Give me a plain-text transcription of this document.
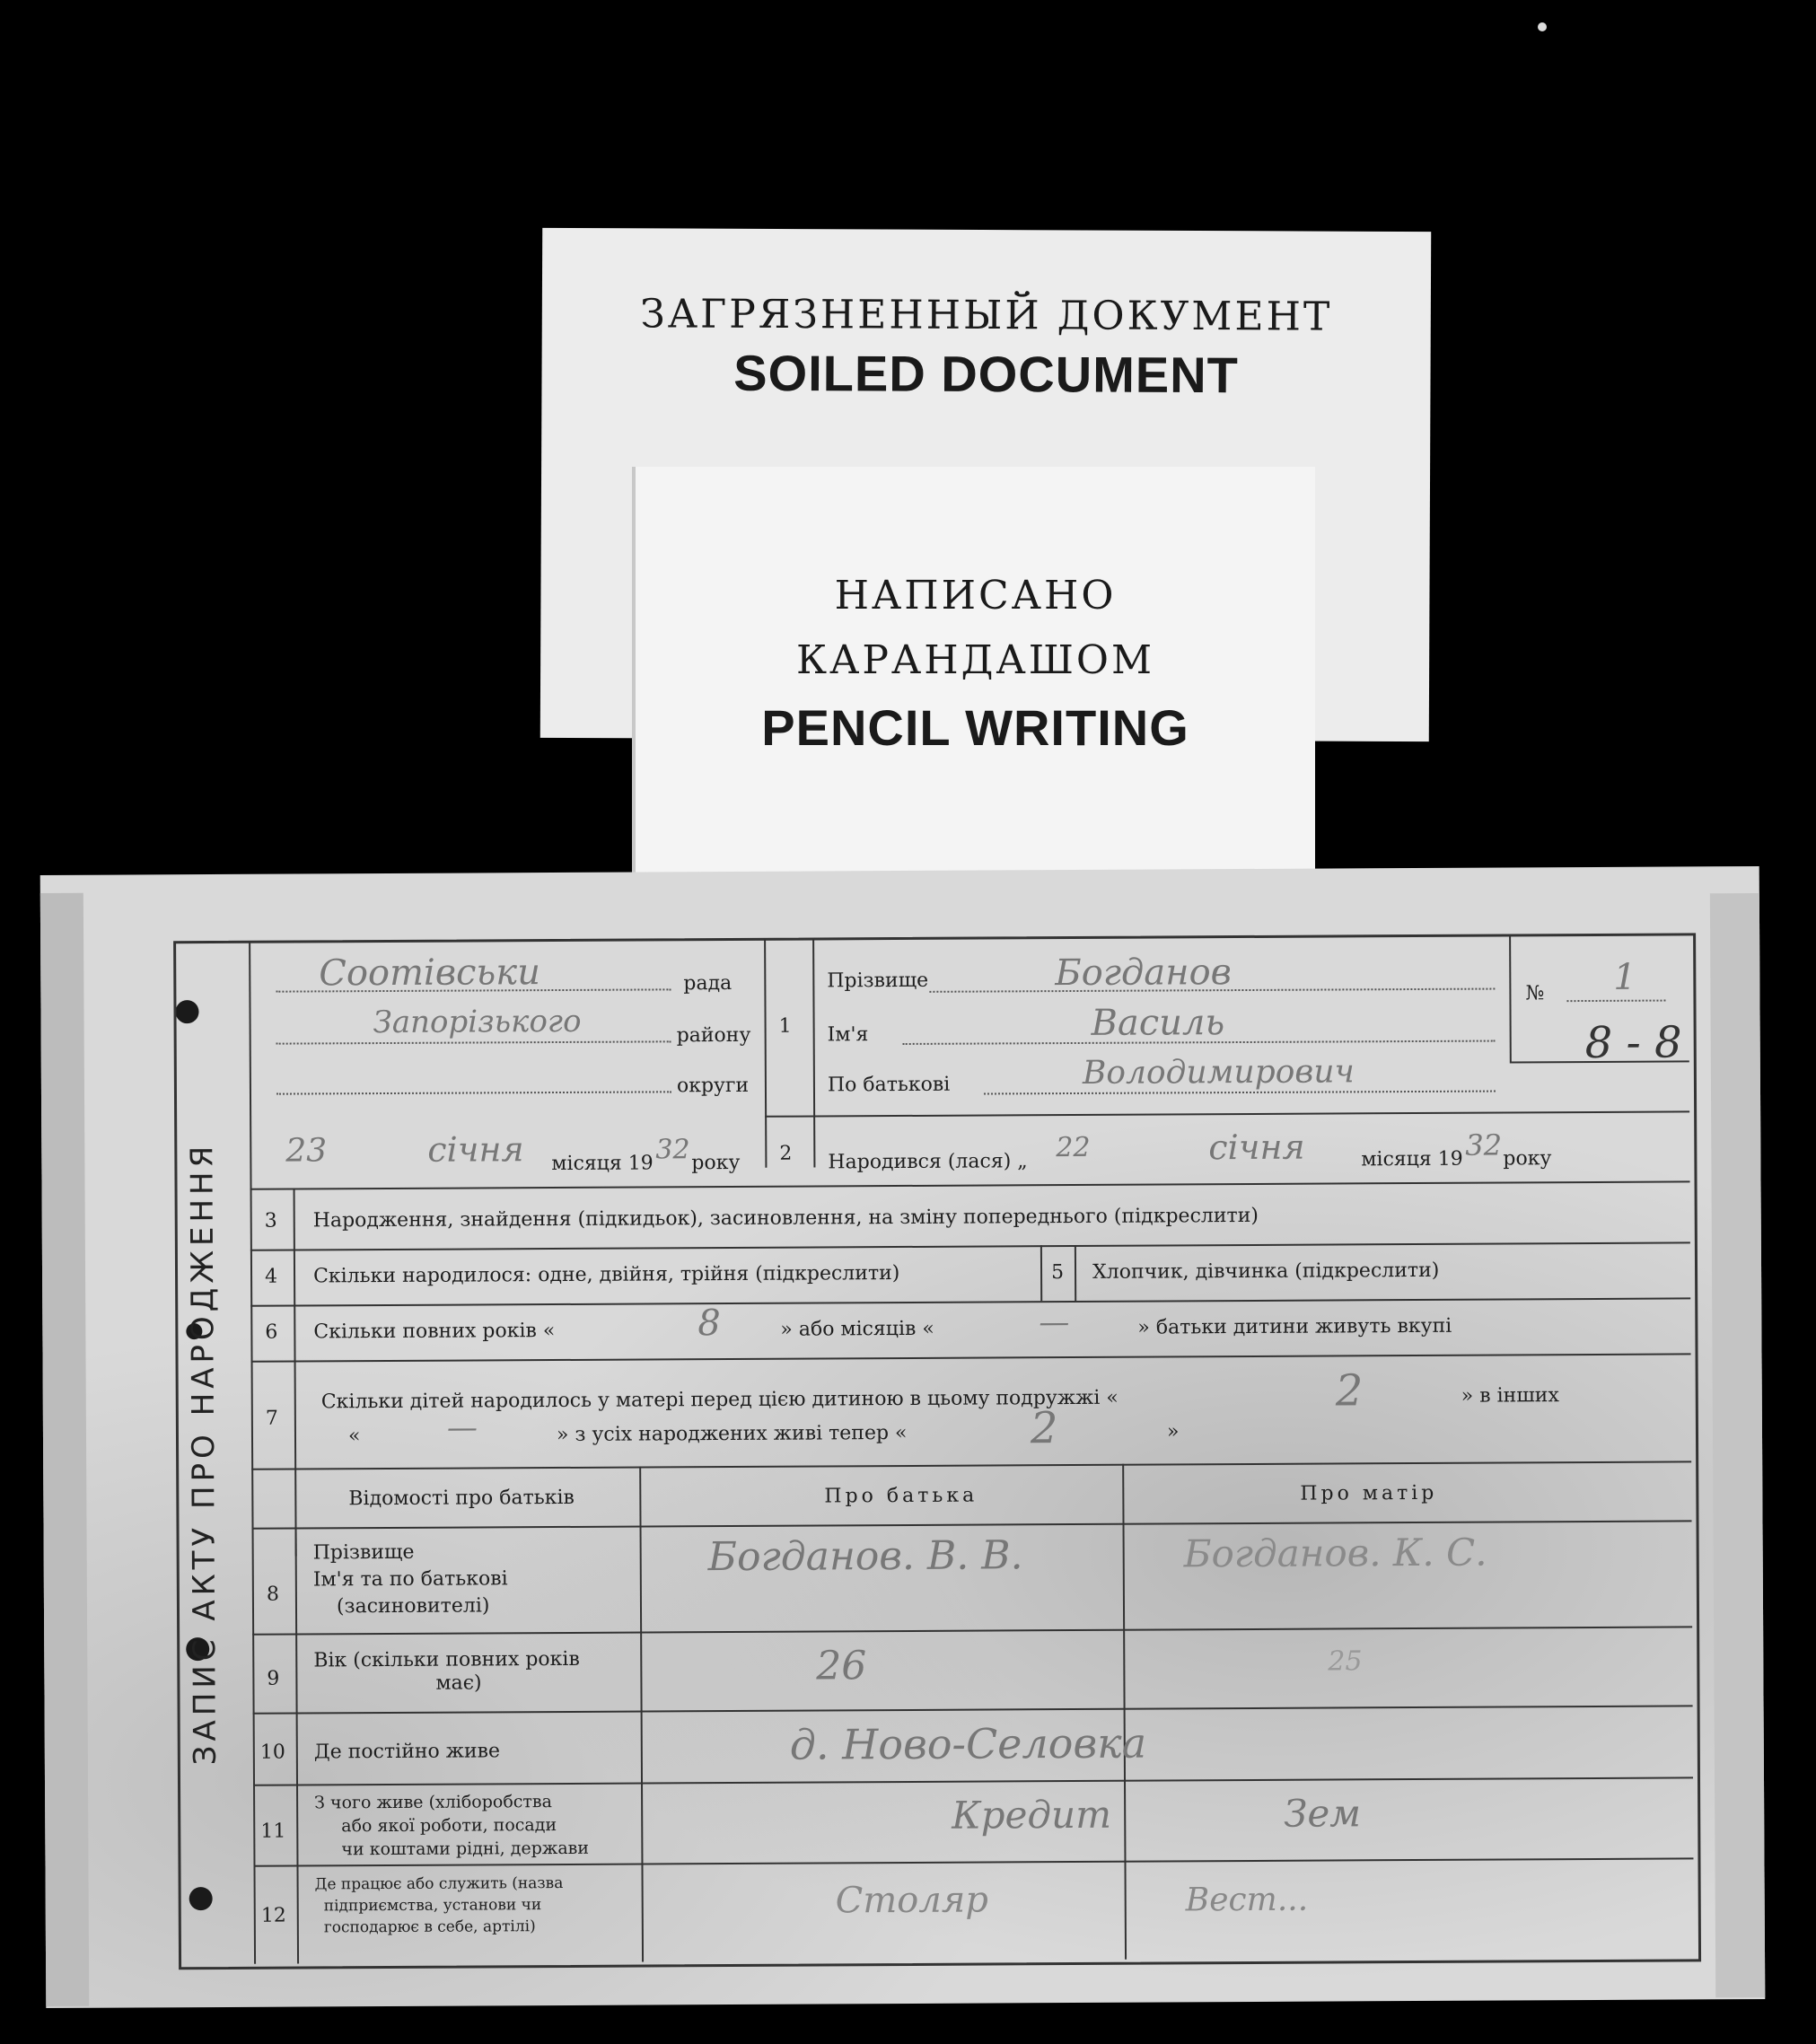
ЗАГРЯЗНЕННЫЙ ДОКУМЕНТ
SOILED DOCUMENT
НАПИСАНО
КАРАНДАШОМ
PENCIL WRITING
ЗАПИС АКТУ ПРО НАРОДЖЕННЯ
Соотівськи	рада
Запорізького	району
округи
23	січня місяця 19 32 року
1
2
Прізвище	Богданов
Ім'я	Василь
По батькові	Володимирович
Народився (лася) „ 22	січня	місяця 19 32 року
№ 1
8 - 8
3 Народження, знайдення (підкидьок), засиновлення, на зміну попереднього (підкреслити)
4 Скільки народилося: одне, двійня, трійня (підкреслити)	5 Хлопчик, дівчинка (підкреслити)
6 Скільки повних років «	8	» або місяців «	—	» батьки дитини живуть вкупі
7
Скільки дітей народилось у матері перед цією дитиною в цьому подружжі «	2	» в інших
«	—	» з усіх народжених живі тепер «	2	»
Відомості про батьків	Про батька	Про матір
8
Прізвище
Ім'я та по батькові
(засиновителі)
Богданов. В. В.	Богданов. К. С.
9
Вік (скільки повних років
має)	26	25
10 Де постійно живе	д. Ново-Селовка
11
З чого живе (хліборобства
або якої роботи, посади
чи коштами рідні, держави
Кредит	Зем
12
Де працює або служить (назва
підприємства, установи чи
господарює в себе, артілі)
Столяр	Вест...
